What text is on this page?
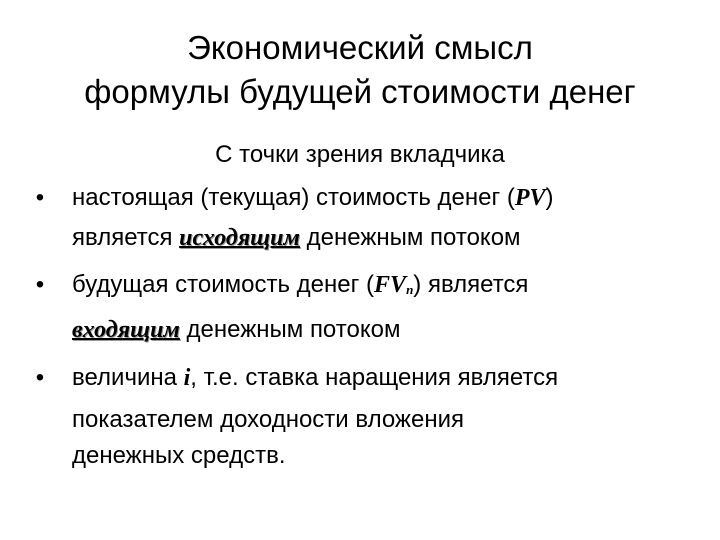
Экономический смысл
формулы будущей стоимости денег
С точки зрения вкладчика
• настоящая (текущая) стоимость денег (PV)
является исходящим денежным потоком
• будущая стоимость денег $(FV_n)$ является
входящим денежным потоком
• величина i, т.е. ставка наращения является
показателем доходности вложения
денежных средств.
